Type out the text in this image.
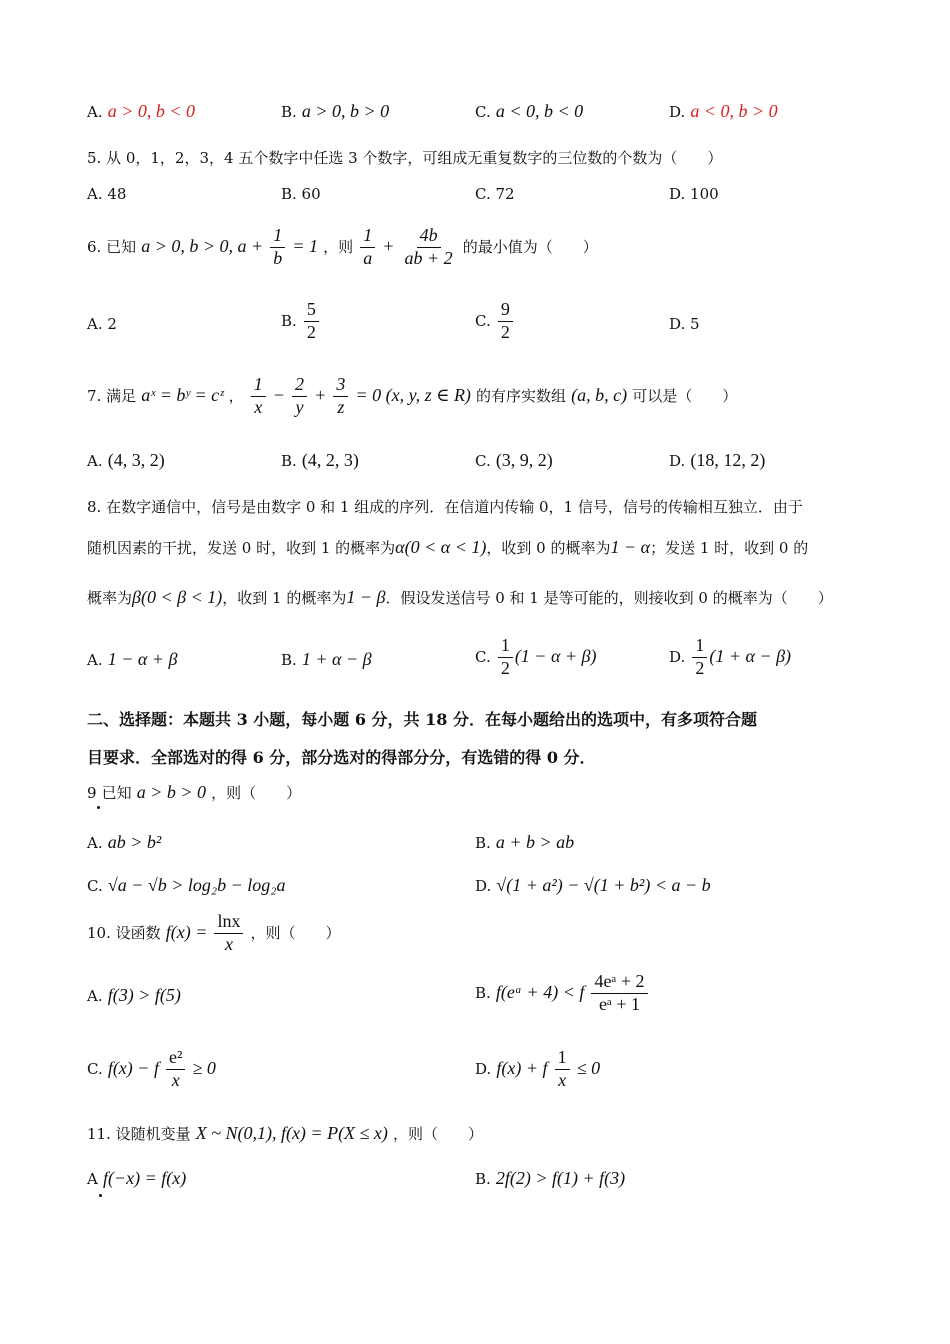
A. a > 0, b < 0	B. a > 0, b > 0	C. a < 0, b < 0	D. a < 0, b > 0
5. 从 0，1，2，3，4 五个数字中任选 3 个数字，可组成无重复数字的三位数的个数为（　　）
A. 48	B. 60	C. 72	D. 100
6. 已知 a > 0, b > 0, $a + \frac{1}{b} = 1$ ，则 $\frac{1}{a} + \frac{4b}{ab + 2}$ 的最小值为（　　）
A. 2	B. $\frac{5}{2}$	C. $\frac{9}{2}$	D. 5
7. 满足 aˣ = bʸ = cᶻ ， $\frac{1}{x} - \frac{2}{y} + \frac{3}{z} = 0$ (x, y, z ∈ R) 的有序实数组 (a, b, c) 可以是（　　）
A. (4, 3, 2)	B. (4, 2, 3)	C. (3, 9, 2)	D. (18, 12, 2)
8. 在数字通信中，信号是由数字 0 和 1 组成的序列．在信道内传输 0，1 信号，信号的传输相互独立．由于
随机因素的干扰，发送 0 时，收到 1 的概率为α(0 < α < 1)，收到 0 的概率为1 − α；发送 1 时，收到 0 的
概率为β(0 < β < 1)，收到 1 的概率为1 − β．假设发送信号 0 和 1 是等可能的，则接收到 0 的概率为（　　）
A. 1 − α + β	B. 1 + α − β	C. $\frac{1}{2} (1 - \alpha + \beta)$	D. $\frac{1}{2} (1 + \alpha - \beta)$
二、选择题：本题共 3 小题，每小题 6 分，共 18 分．在每小题给出的选项中，有多项符合题
目要求．全部选对的得 6 分，部分选对的得部分分，有选错的得 0 分．
9 已知 a > b > 0 ，则（　　）
A. ab > b²	B. a + b > ab
C. √a − √b > log₂b − log₂a	D. √(1 + a²) − √(1 + b²) < a − b
10. 设函数 $f(x) = \frac{\ln x}{x}$ ，则（　　）
A. f(3) > f(5)	B. f(eᵃ + 4) < f $\frac{\text{4eᵃ + 2}}{\text{eᵃ + 1}}$
C. f(x) − f $\frac{\text{e²}}{x} \ge 0$	D. f(x) + f $\frac{1}{x} \le 0$
11. 设随机变量 X ~ N(0,1), f(x) = P(X ≤ x) ，则（　　）
A f(−x) = f(x)	B. 2f(2) > f(1) + f(3)
